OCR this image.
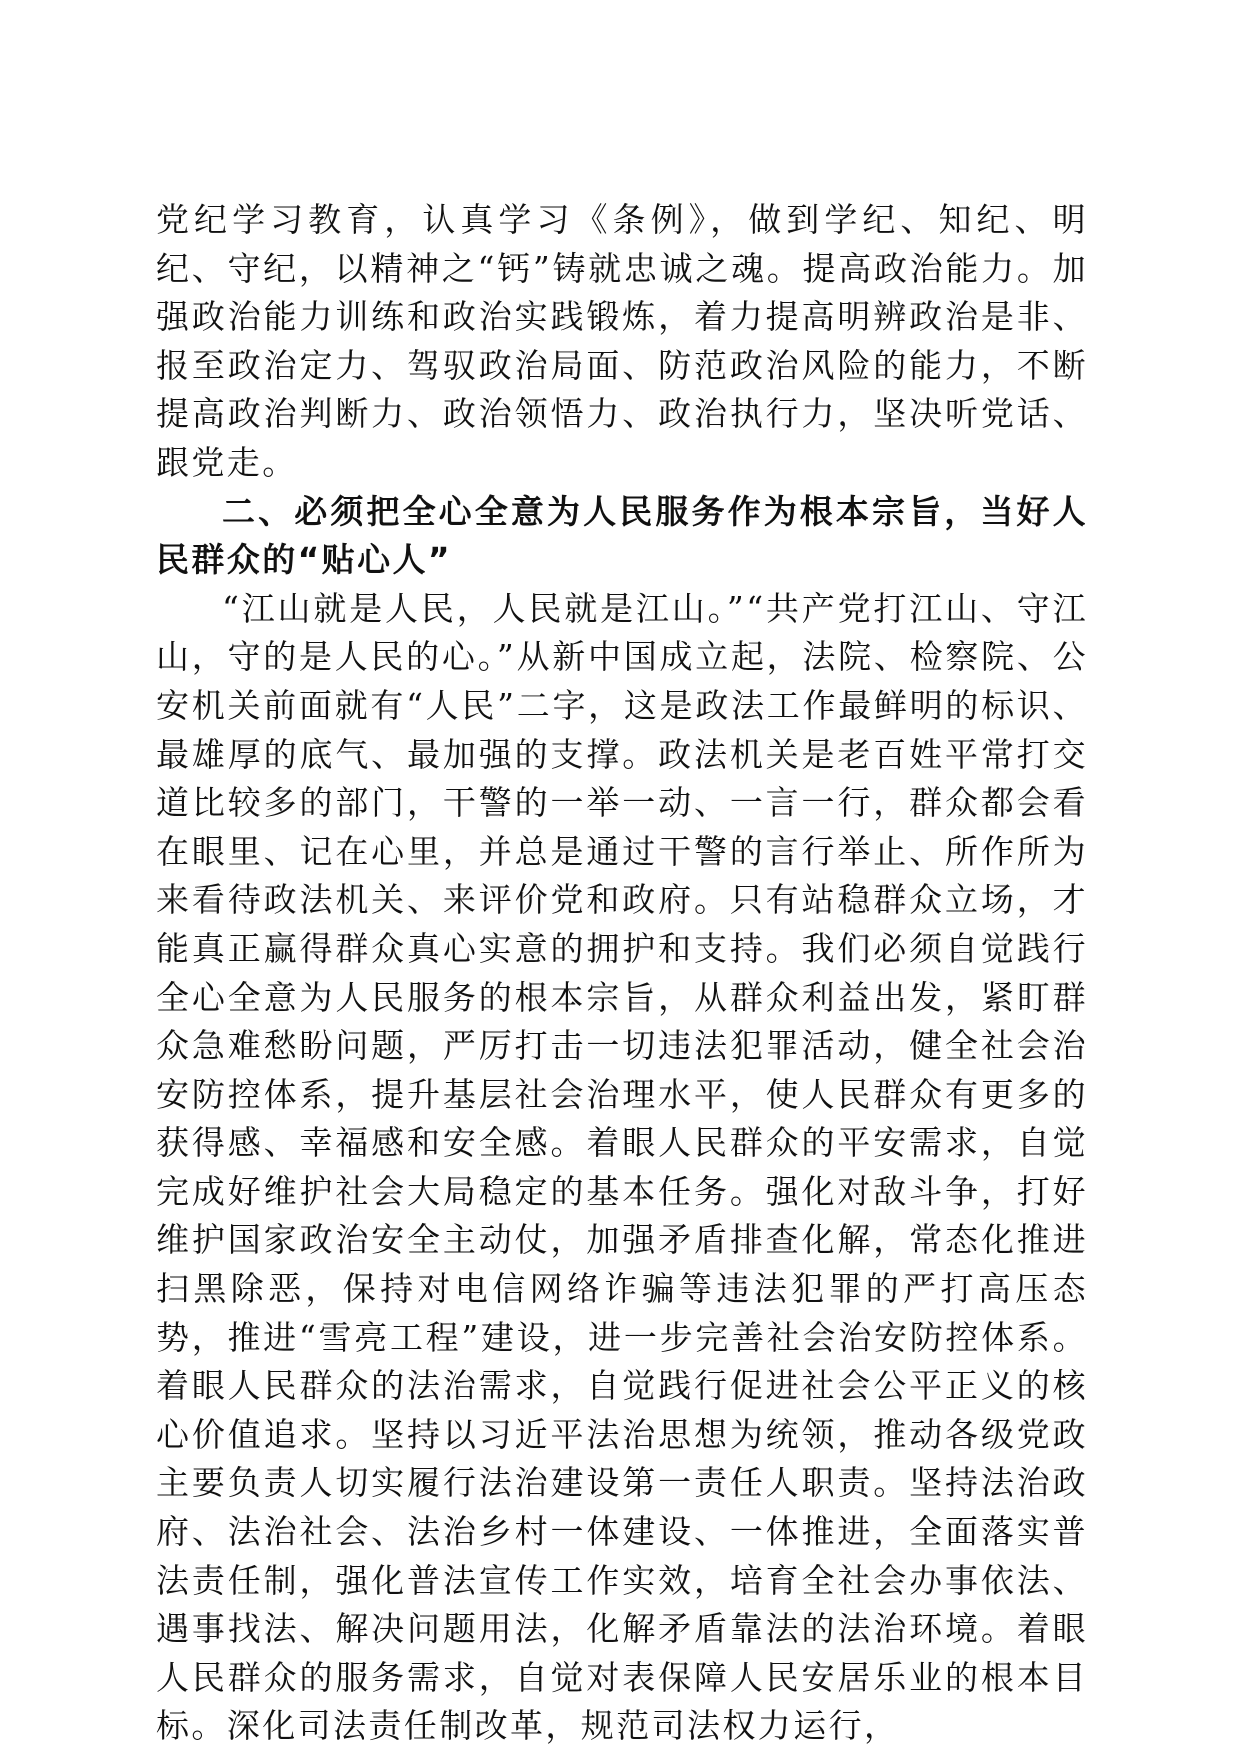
党纪学习教育，认真学习《条例》，做到学纪、知纪、明纪、守纪，以精神之“钙”铸就忠诚之魂。提高政治能力。加强政治能力训练和政治实践锻炼，着力提高明辨政治是非、报至政治定力、驾驭政治局面、防范政治风险的能力，不断提高政治判断力、政治领悟力、政治执行力，坚决听党话、跟党走。

二、必须把全心全意为人民服务作为根本宗旨，当好人民群众的“贴心人”

“江山就是人民，人民就是江山。”“共产党打江山、守江山，守的是人民的心。”从新中国成立起，法院、检察院、公安机关前面就有“人民”二字，这是政法工作最鲜明的标识、最雄厚的底气、最加强的支撑。政法机关是老百姓平常打交道比较多的部门，干警的一举一动、一言一行，群众都会看在眼里、记在心里，并总是通过干警的言行举止、所作所为来看待政法机关、来评价党和政府。只有站稳群众立场，才能真正赢得群众真心实意的拥护和支持。我们必须自觉践行全心全意为人民服务的根本宗旨，从群众利益出发，紧盯群众急难愁盼问题，严厉打击一切违法犯罪活动，健全社会治安防控体系，提升基层社会治理水平，使人民群众有更多的获得感、幸福感和安全感。着眼人民群众的平安需求，自觉完成好维护社会大局稳定的基本任务。强化对敌斗争，打好维护国家政治安全主动仗，加强矛盾排查化解，常态化推进扫黑除恶，保持对电信网络诈骗等违法犯罪的严打高压态势，推进“雪亮工程”建设，进一步完善社会治安防控体系。着眼人民群众的法治需求，自觉践行促进社会公平正义的核心价值追求。坚持以习近平法治思想为统领，推动各级党政主要负责人切实履行法治建设第一责任人职责。坚持法治政府、法治社会、法治乡村一体建设、一体推进，全面落实普法责任制，强化普法宣传工作实效，培育全社会办事依法、遇事找法、解决问题用法，化解矛盾靠法的法治环境。着眼人民群众的服务需求，自觉对表保障人民安居乐业的根本目标。深化司法责任制改革，规范司法权力运行，
